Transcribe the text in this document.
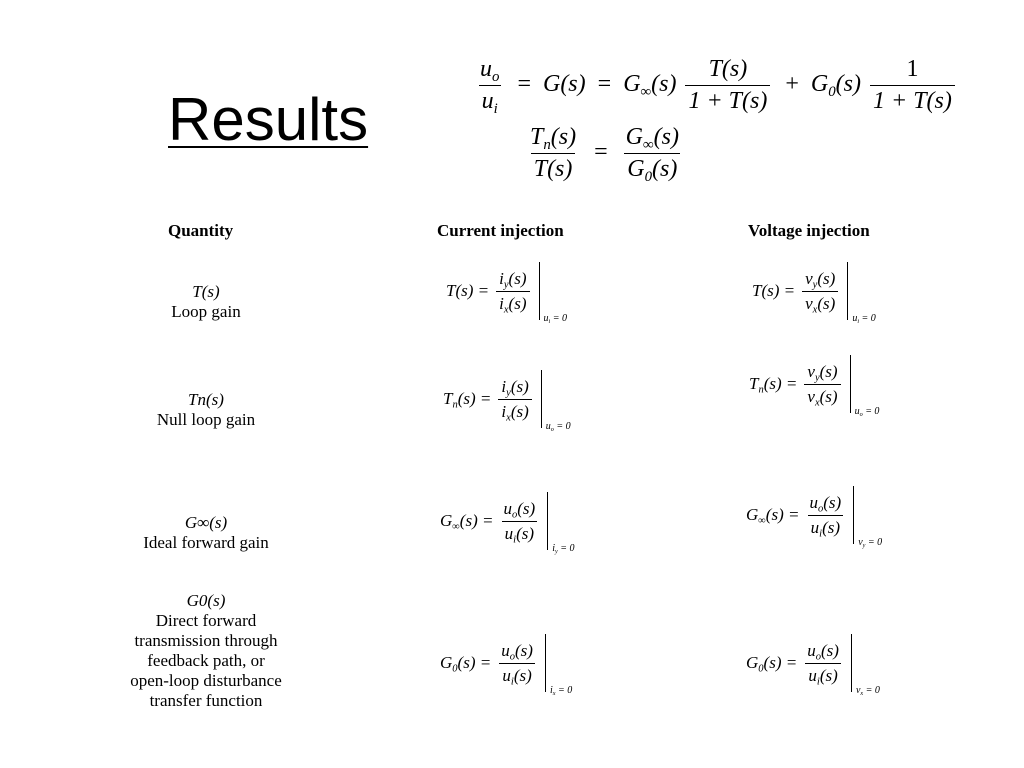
Results
$\frac{u_o}{u_i} = G(s) = G_\infty(s) \frac{T(s)}{1 + T(s)} + G_0(s) \frac{1}{1 + T(s)}$
$\frac{T_n(s)}{T(s)} = \frac{G_\infty(s)}{G_0(s)}$
Quantity	Current injection	Voltage injection
T(s)
Loop gain
$T(s) = \frac{i_y(s)}{i_x(s)}$
$u_i = 0$
$T(s) = \frac{v_y(s)}{v_x(s)}$
$u_i = 0$
Tn(s)
Null loop gain
$T_n(s) = \frac{i_y(s)}{i_x(s)}$
$u_o = 0$
$T_n(s) = \frac{v_y(s)}{v_x(s)}$
$u_o = 0$
G∞(s)
Ideal forward gain
$G_\infty(s) = \frac{u_o(s)}{u_i(s)}$
$i_y = 0$
$G_\infty(s) = \frac{u_o(s)}{u_i(s)}$
$v_y = 0$
G0(s)
Direct forward
transmission through
feedback path, or
open-loop disturbance
transfer function
$G_0(s) = \frac{u_o(s)}{u_i(s)}$
$i_x = 0$
$G_0(s) = \frac{u_o(s)}{u_i(s)}$
$v_x = 0$
